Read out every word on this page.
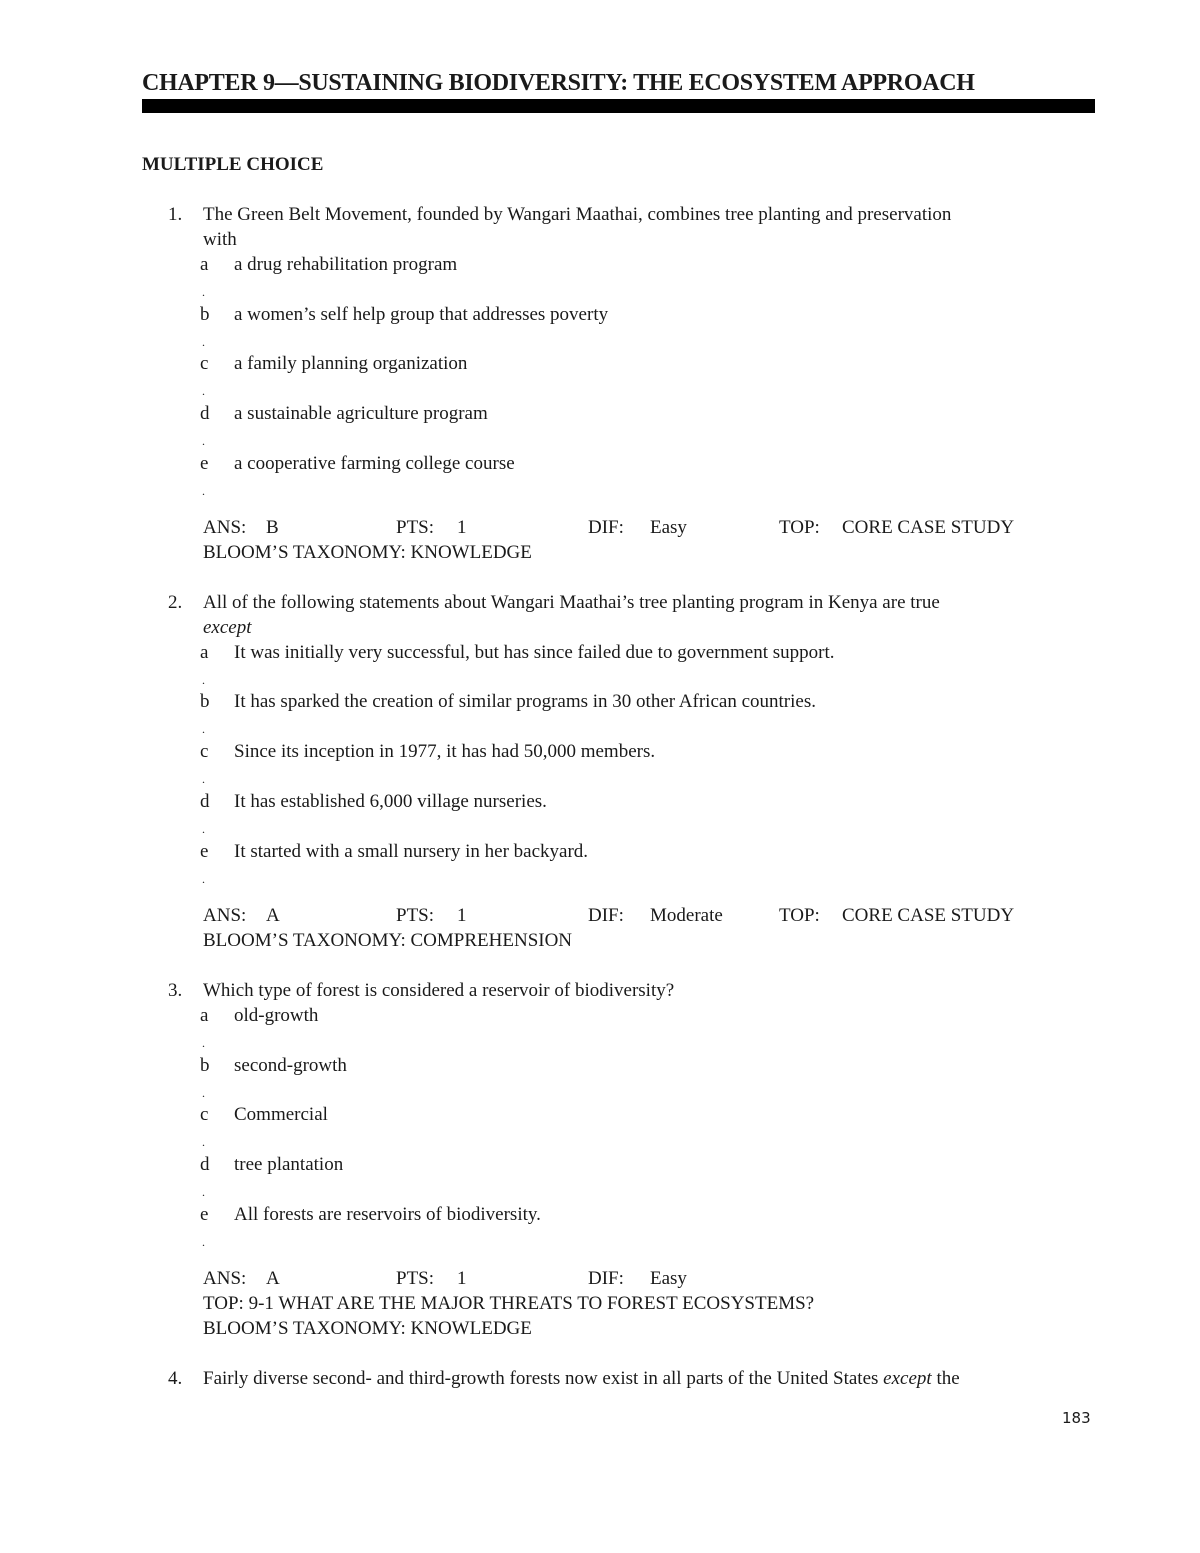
CHAPTER 9—SUSTAINING BIODIVERSITY: THE ECOSYSTEM APPROACH
MULTIPLE CHOICE
1. The Green Belt Movement, founded by Wangari Maathai, combines tree planting and preservation
with
a
.
a drug rehabilitation program
b
.
a women’s self help group that addresses poverty
c
.
a family planning organization
d
.
a sustainable agriculture program
e
.
a cooperative farming college course
ANS: B	PTS: 1	DIF: Easy	TOP: CORE CASE STUDY
BLOOM’S TAXONOMY: KNOWLEDGE
2. All of the following statements about Wangari Maathai’s tree planting program in Kenya are true
except
a
.
It was initially very successful, but has since failed due to government support.
b
.
It has sparked the creation of similar programs in 30 other African countries.
c
.
Since its inception in 1977, it has had 50,000 members.
d
.
It has established 6,000 village nurseries.
e
.
It started with a small nursery in her backyard.
ANS: A	PTS: 1	DIF: Moderate	TOP: CORE CASE STUDY
BLOOM’S TAXONOMY: COMPREHENSION
3. Which type of forest is considered a reservoir of biodiversity?
a
.
old-growth
b
.
second-growth
c
.
Commercial
d
.
tree plantation
e
.
All forests are reservoirs of biodiversity.
ANS: A	PTS: 1	DIF: Easy
TOP: 9-1 WHAT ARE THE MAJOR THREATS TO FOREST ECOSYSTEMS?
BLOOM’S TAXONOMY: KNOWLEDGE
4. Fairly diverse second- and third-growth forests now exist in all parts of the United States except the
183
